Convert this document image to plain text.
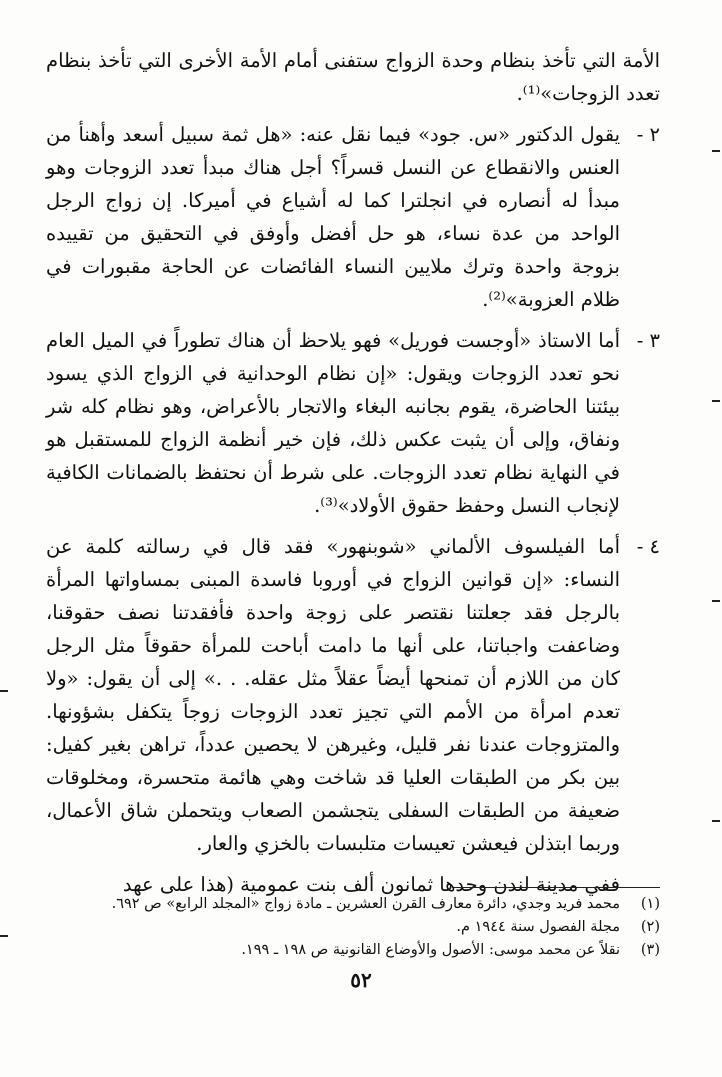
الأمة التي تأخذ بنظام وحدة الزواج ستفنى أمام الأمة الأخرى التي تأخذ بنظام تعدد الزوجات»⁽¹⁾.

٢ -
يقول الدكتور «س. جود» فيما نقل عنه: «هل ثمة سبيل أسعد وأهنأ من العنس والانقطاع عن النسل قسراً؟ أجل هناك مبدأ تعدد الزوجات وهو مبدأ له أنصاره في انجلترا كما له أشياع في أميركا. إن زواج الرجل الواحد من عدة نساء، هو حل أفضل وأوفق في التحقيق من تقييده بزوجة واحدة وترك ملايين النساء الفائضات عن الحاجة مقبورات في ظلام العزوبة»⁽²⁾.
٣ -
أما الاستاذ «أوجست فوريل» فهو يلاحظ أن هناك تطوراً في الميل العام نحو تعدد الزوجات ويقول: «إن نظام الوحدانية في الزواج الذي يسود بيئتنا الحاضرة، يقوم بجانبه البغاء والاتجار بالأعراض، وهو نظام كله شر ونفاق، وإلى أن يثبت عكس ذلك، فإن خير أنظمة الزواج للمستقبل هو في النهاية نظام تعدد الزوجات. على شرط أن نحتفظ بالضمانات الكافية لإنجاب النسل وحفظ حقوق الأولاد»⁽³⁾.
٤ -
أما الفيلسوف الألماني «شوبنهور» فقد قال في رسالته كلمة عن النساء: «إن قوانين الزواج في أوروبا فاسدة المبنى بمساواتها المرأة بالرجل فقد جعلتنا نقتصر على زوجة واحدة فأفقدتنا نصف حقوقنا، وضاعفت واجباتنا، على أنها ما دامت أباحت للمرأة حقوقاً مثل الرجل كان من اللازم أن تمنحها أيضاً عقلاً مثل عقله. . .» إلى أن يقول: «ولا تعدم امرأة من الأمم التي تجيز تعدد الزوجات زوجاً يتكفل بشؤونها. والمتزوجات عندنا نفر قليل، وغيرهن لا يحصين عدداً، تراهن بغير كفيل: بين بكر من الطبقات العليا قد شاخت وهي هائمة متحسرة، ومخلوقات ضعيفة من الطبقات السفلى يتجشمن الصعاب ويتحملن شاق الأعمال، وربما ابتذلن فيعشن تعيسات متلبسات بالخزي والعار.

ففي مدينة لندن وحدها ثمانون ألف بنت عمومية (هذا على عهد

(١)
محمد فريد وجدي، دائرة معارف القرن العشرين ـ مادة زواج «المجلد الرابع» ص ٦٩٢.
(٢)
مجلة الفصول سنة ١٩٤٤ م.
(٣)
نقلاً عن محمد موسى: الأصول والأوضاع القانونية ص ١٩٨ ـ ١٩٩.
٥٢
